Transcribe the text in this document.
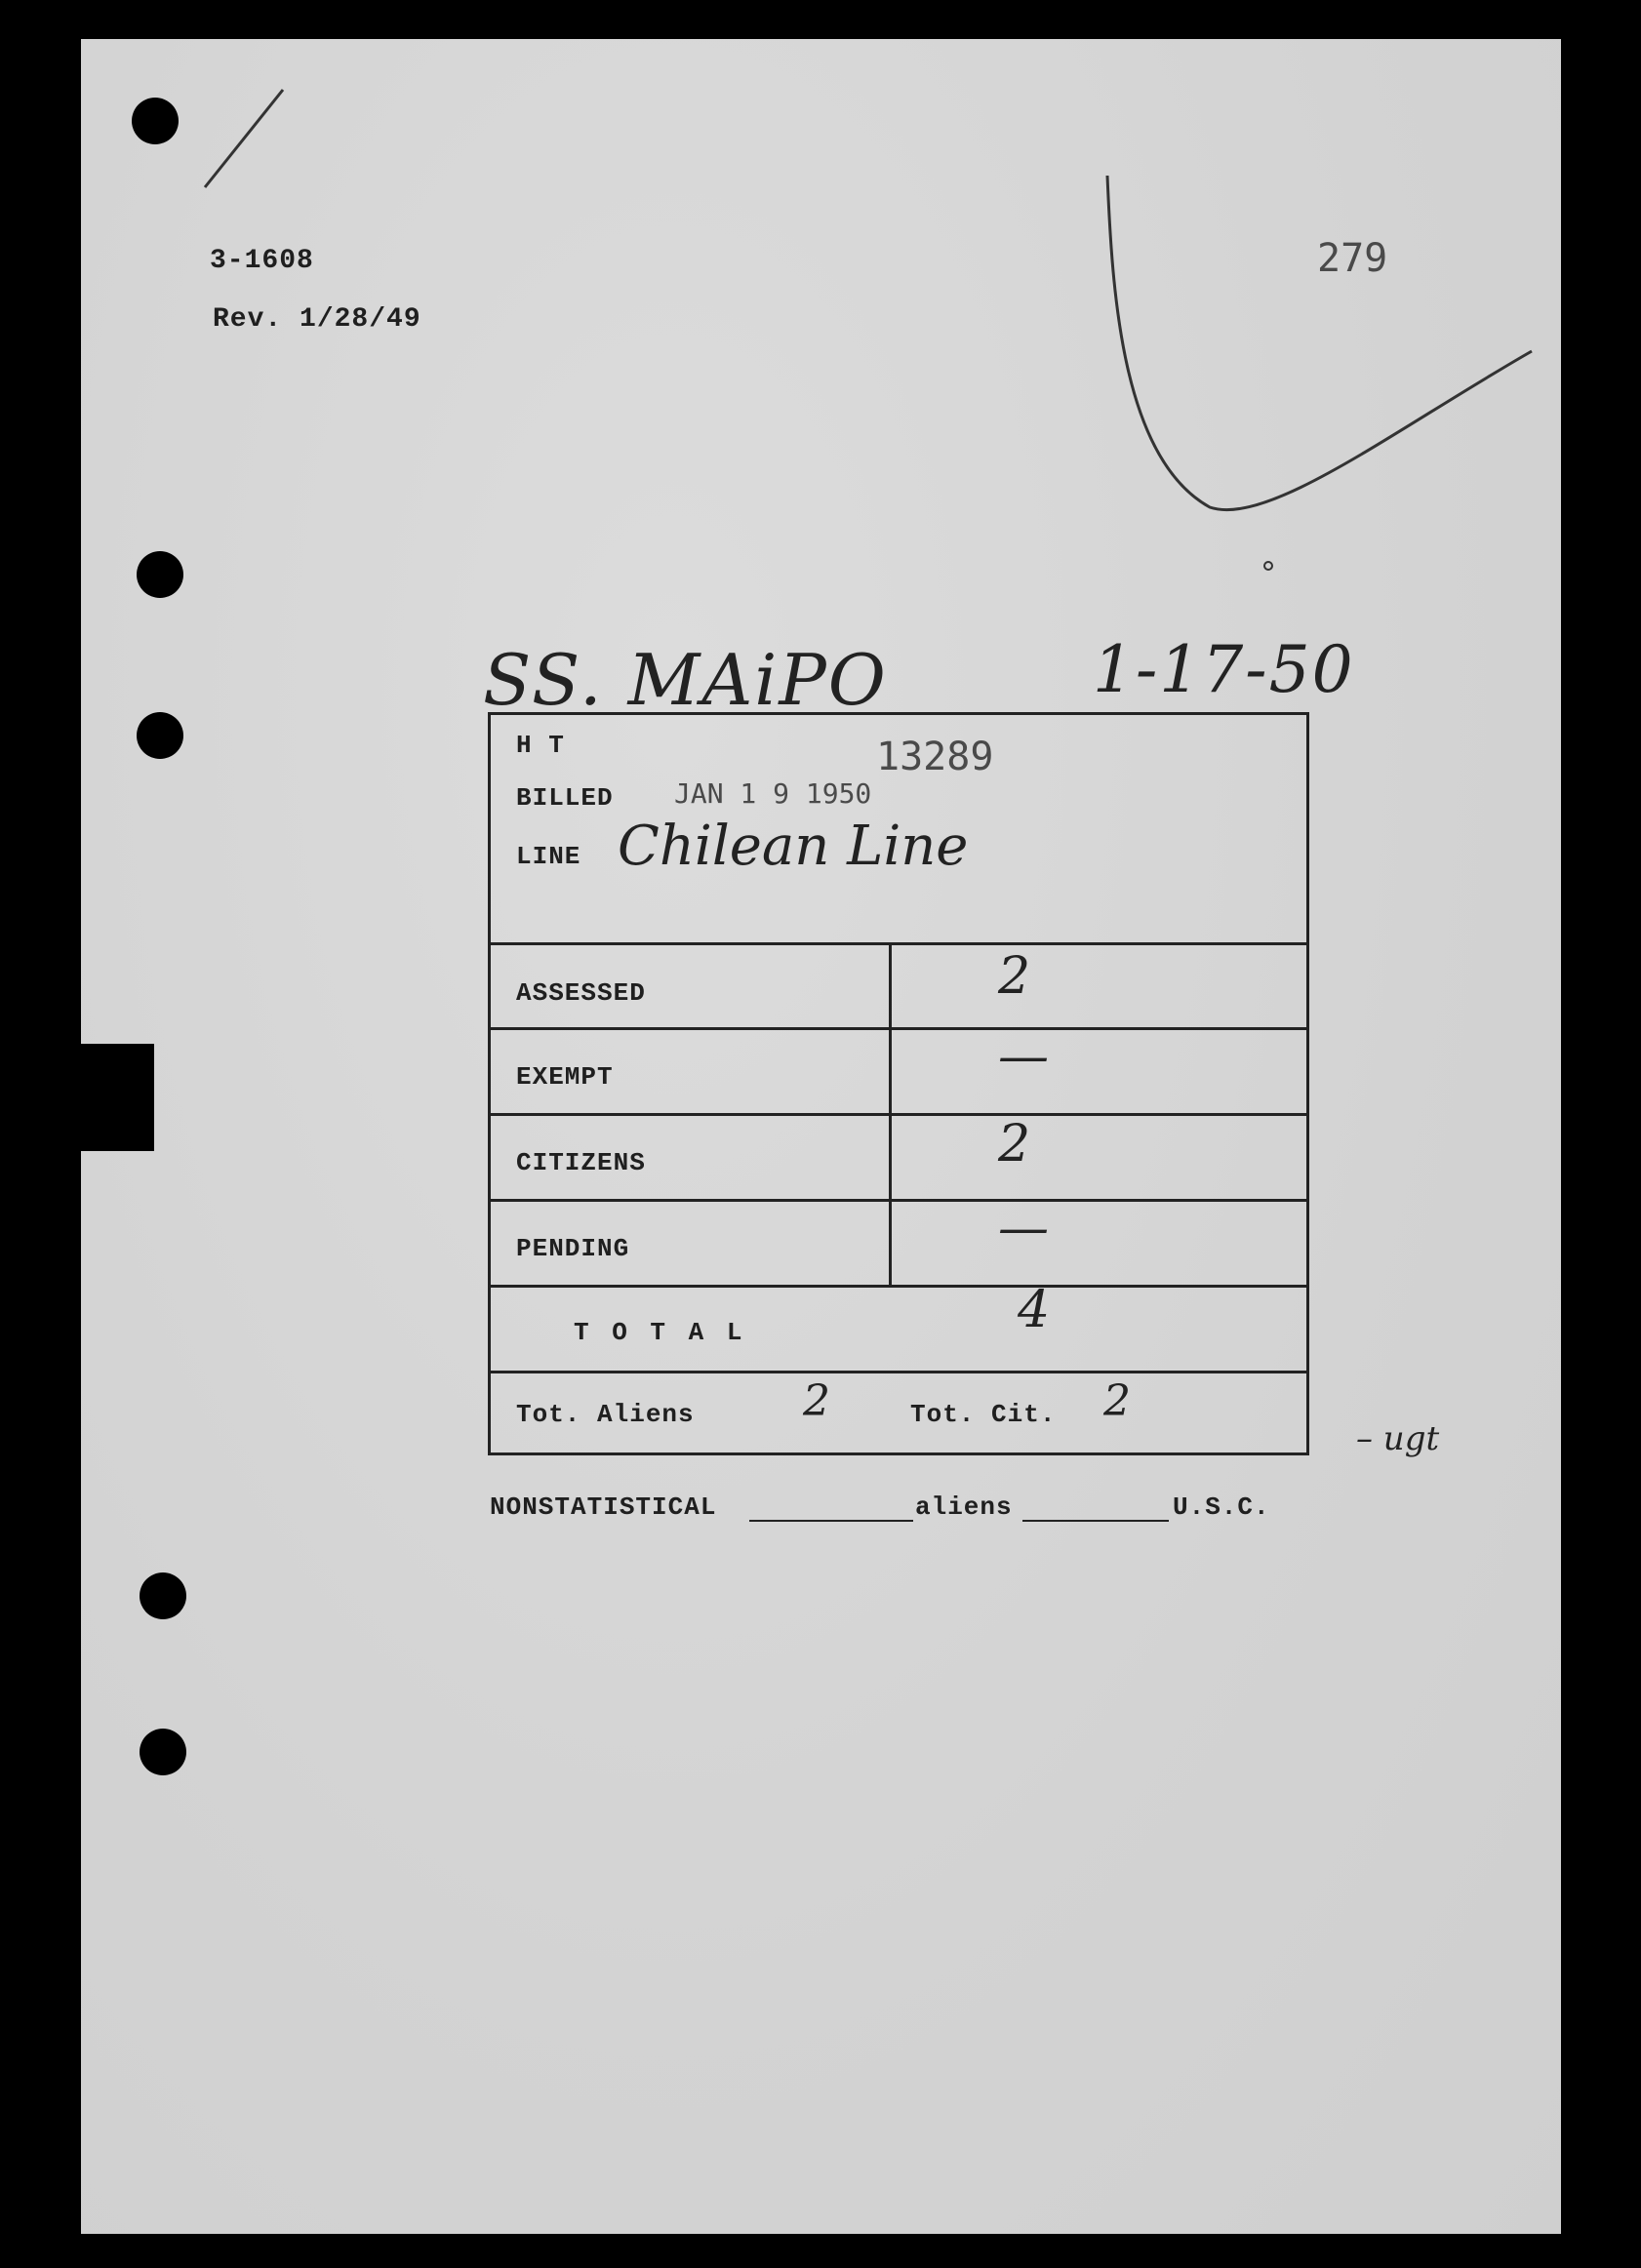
3-1608
Rev. 1/28/49
279
SS. MAiPO	1-17-50
H T	13289
BILLED JAN 1 9 1950
LINE Chilean Line
ASSESSED	2
EXEMPT	—
CITIZENS	2
PENDING	—
T O T A L	4
Tot. Aliens	2	Tot. Cit. 2
– ugt
NONSTATISTICAL	aliens	U.S.C.
